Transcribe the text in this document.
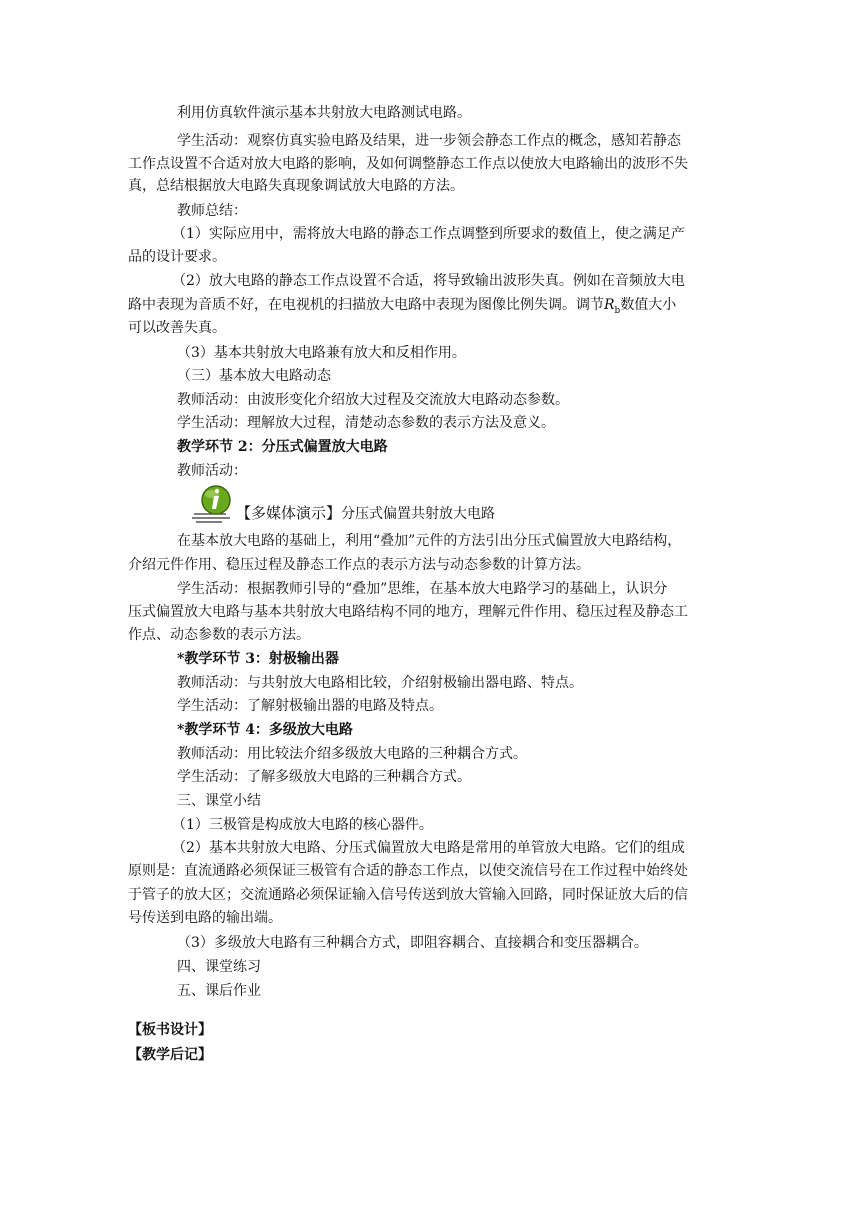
利用仿真软件演示基本共射放大电路测试电路。
学生活动：观察仿真实验电路及结果，进一步领会静态工作点的概念，感知若静态
工作点设置不合适对放大电路的影响，及如何调整静态工作点以使放大电路输出的波形不失
真，总结根据放大电路失真现象调试放大电路的方法。
教师总结：
（1）实际应用中，需将放大电路的静态工作点调整到所要求的数值上，使之满足产
品的设计要求。
（2）放大电路的静态工作点设置不合适，将导致输出波形失真。例如在音频放大电
路中表现为音质不好，在电视机的扫描放大电路中表现为图像比例失调。调节$R_b$数值大小
可以改善失真。
（3）基本共射放大电路兼有放大和反相作用。
（三）基本放大电路动态
教师活动：由波形变化介绍放大过程及交流放大电路动态参数。
学生活动：理解放大过程，清楚动态参数的表示方法及意义。
教学环节 2：分压式偏置放大电路
教师活动：
【多媒体演示】分压式偏置共射放大电路
在基本放大电路的基础上，利用“叠加”元件的方法引出分压式偏置放大电路结构，
介绍元件作用、稳压过程及静态工作点的表示方法与动态参数的计算方法。
学生活动：根据教师引导的“叠加”思维，在基本放大电路学习的基础上，认识分
压式偏置放大电路与基本共射放大电路结构不同的地方，理解元件作用、稳压过程及静态工
作点、动态参数的表示方法。
*教学环节 3：射极输出器
教师活动：与共射放大电路相比较，介绍射极输出器电路、特点。
学生活动：了解射极输出器的电路及特点。
*教学环节 4：多级放大电路
教师活动：用比较法介绍多级放大电路的三种耦合方式。
学生活动：了解多级放大电路的三种耦合方式。
三、课堂小结
（1）三极管是构成放大电路的核心器件。
（2）基本共射放大电路、分压式偏置放大电路是常用的单管放大电路。它们的组成
原则是：直流通路必须保证三极管有合适的静态工作点，以使交流信号在工作过程中始终处
于管子的放大区；交流通路必须保证输入信号传送到放大管输入回路，同时保证放大后的信
号传送到电路的输出端。
（3）多级放大电路有三种耦合方式，即阻容耦合、直接耦合和变压器耦合。
四、课堂练习
五、课后作业
【板书设计】
【教学后记】
